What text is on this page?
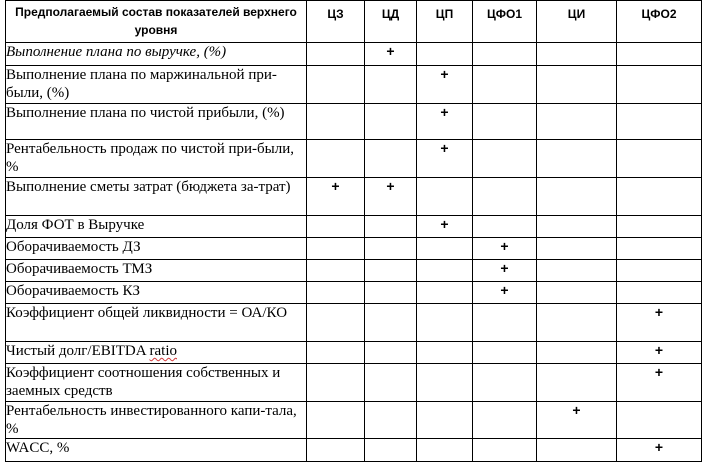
Предполагаемый состав показателей верхнего уровня	ЦЗ	ЦД	ЦП	ЦФО1	ЦИ	ЦФО2
Выполнение плана по выручке, (%)		+				
Выполнение плана по маржинальной при-были, (%)			+			
Выполнение плана по чистой прибыли, (%)			+			
Рентабельность продаж по чистой при-были, %			+			
Выполнение сметы затрат (бюджета за-трат)	+	+				
Доля ФОТ в Выручке			+			
Оборачиваемость ДЗ				+		
Оборачиваемость ТМЗ				+		
Оборачиваемость КЗ				+		
Коэффициент общей ликвидности = ОА/КО						+
Чистый долг/EBITDA ratio						+
Коэффициент соотношения собственных и заемных средств						+
Рентабельность инвестированного капи-тала, %					+	
WACC, %						+
